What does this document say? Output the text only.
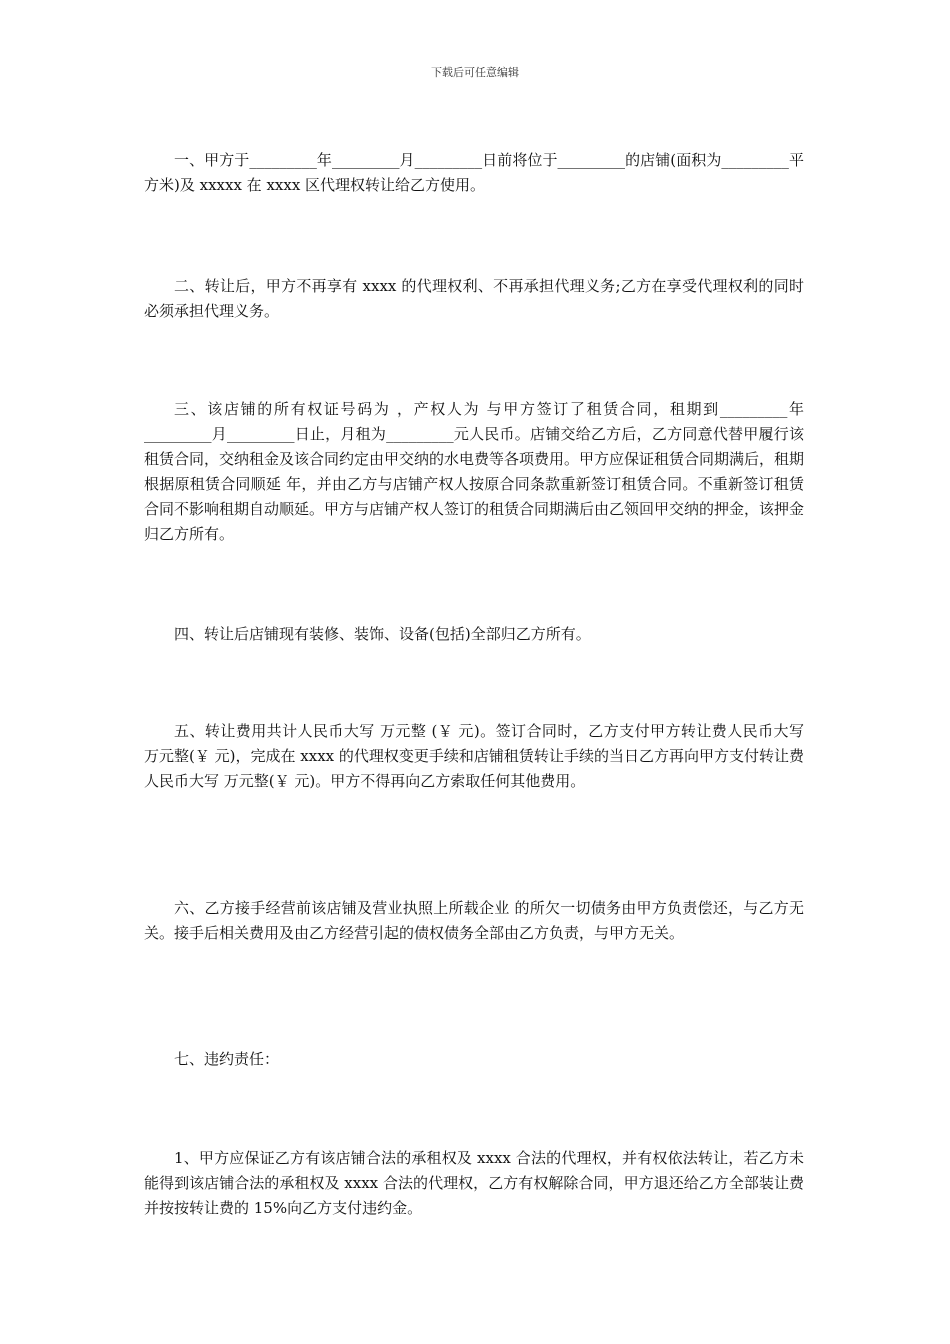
下载后可任意编辑

一、甲方于_________年_________月_________日前将位于_________的店铺(面积为_________平方米)及 xxxxx 在 xxxx 区代理权转让给乙方使用。

二、转让后，甲方不再享有 xxxx 的代理权利、不再承担代理义务;乙方在享受代理权利的同时必须承担代理义务。

三、该店铺的所有权证号码为 ，产权人为 与甲方签订了租赁合同，租期到_________年_________月_________日止，月租为_________元人民币。店铺交给乙方后，乙方同意代替甲履行该租赁合同，交纳租金及该合同约定由甲交纳的水电费等各项费用。甲方应保证租赁合同期满后，租期根据原租赁合同顺延 年，并由乙方与店铺产权人按原合同条款重新签订租赁合同。不重新签订租赁合同不影响租期自动顺延。甲方与店铺产权人签订的租赁合同期满后由乙领回甲交纳的押金，该押金归乙方所有。

四、转让后店铺现有装修、装饰、设备(包括)全部归乙方所有。

五、转让费用共计人民币大写 万元整 (￥ 元)。签订合同时，乙方支付甲方转让费人民币大写 万元整(￥ 元)，完成在 xxxx 的代理权变更手续和店铺租赁转让手续的当日乙方再向甲方支付转让费人民币大写 万元整(￥ 元)。甲方不得再向乙方索取任何其他费用。

六、乙方接手经营前该店铺及营业执照上所载企业 的所欠一切债务由甲方负责偿还，与乙方无关。接手后相关费用及由乙方经营引起的债权债务全部由乙方负责，与甲方无关。

七、违约责任：

1、甲方应保证乙方有该店铺合法的承租权及 xxxx 合法的代理权，并有权依法转让，若乙方未能得到该店铺合法的承租权及 xxxx 合法的代理权，乙方有权解除合同，甲方退还给乙方全部装让费并按按转让费的 15%向乙方支付违约金。
